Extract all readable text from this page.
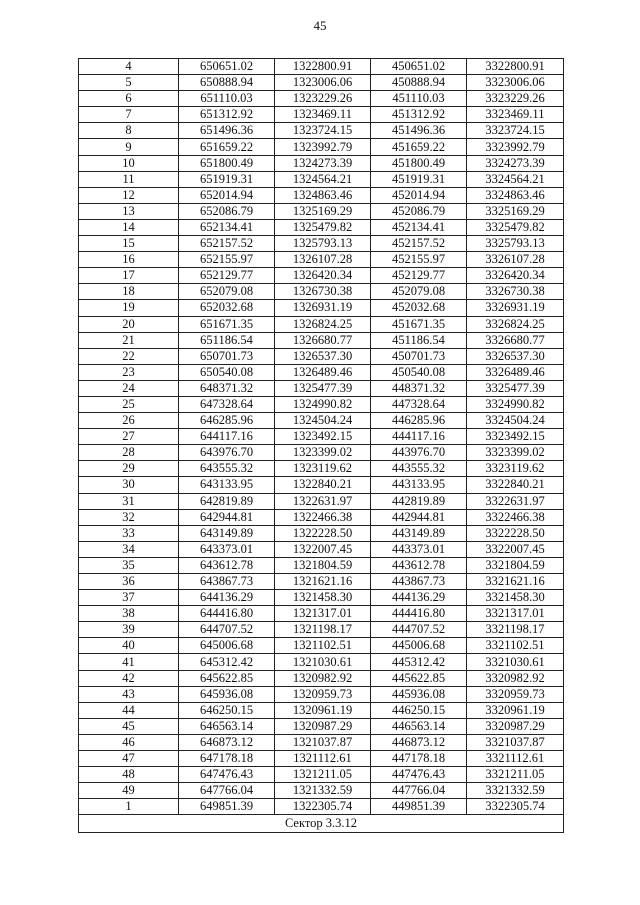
45
4	650651.02	1322800.91	450651.02	3322800.91
5	650888.94	1323006.06	450888.94	3323006.06
6	651110.03	1323229.26	451110.03	3323229.26
7	651312.92	1323469.11	451312.92	3323469.11
8	651496.36	1323724.15	451496.36	3323724.15
9	651659.22	1323992.79	451659.22	3323992.79
10	651800.49	1324273.39	451800.49	3324273.39
11	651919.31	1324564.21	451919.31	3324564.21
12	652014.94	1324863.46	452014.94	3324863.46
13	652086.79	1325169.29	452086.79	3325169.29
14	652134.41	1325479.82	452134.41	3325479.82
15	652157.52	1325793.13	452157.52	3325793.13
16	652155.97	1326107.28	452155.97	3326107.28
17	652129.77	1326420.34	452129.77	3326420.34
18	652079.08	1326730.38	452079.08	3326730.38
19	652032.68	1326931.19	452032.68	3326931.19
20	651671.35	1326824.25	451671.35	3326824.25
21	651186.54	1326680.77	451186.54	3326680.77
22	650701.73	1326537.30	450701.73	3326537.30
23	650540.08	1326489.46	450540.08	3326489.46
24	648371.32	1325477.39	448371.32	3325477.39
25	647328.64	1324990.82	447328.64	3324990.82
26	646285.96	1324504.24	446285.96	3324504.24
27	644117.16	1323492.15	444117.16	3323492.15
28	643976.70	1323399.02	443976.70	3323399.02
29	643555.32	1323119.62	443555.32	3323119.62
30	643133.95	1322840.21	443133.95	3322840.21
31	642819.89	1322631.97	442819.89	3322631.97
32	642944.81	1322466.38	442944.81	3322466.38
33	643149.89	1322228.50	443149.89	3322228.50
34	643373.01	1322007.45	443373.01	3322007.45
35	643612.78	1321804.59	443612.78	3321804.59
36	643867.73	1321621.16	443867.73	3321621.16
37	644136.29	1321458.30	444136.29	3321458.30
38	644416.80	1321317.01	444416.80	3321317.01
39	644707.52	1321198.17	444707.52	3321198.17
40	645006.68	1321102.51	445006.68	3321102.51
41	645312.42	1321030.61	445312.42	3321030.61
42	645622.85	1320982.92	445622.85	3320982.92
43	645936.08	1320959.73	445936.08	3320959.73
44	646250.15	1320961.19	446250.15	3320961.19
45	646563.14	1320987.29	446563.14	3320987.29
46	646873.12	1321037.87	446873.12	3321037.87
47	647178.18	1321112.61	447178.18	3321112.61
48	647476.43	1321211.05	447476.43	3321211.05
49	647766.04	1321332.59	447766.04	3321332.59
1	649851.39	1322305.74	449851.39	3322305.74
Сектор 3.3.12				
